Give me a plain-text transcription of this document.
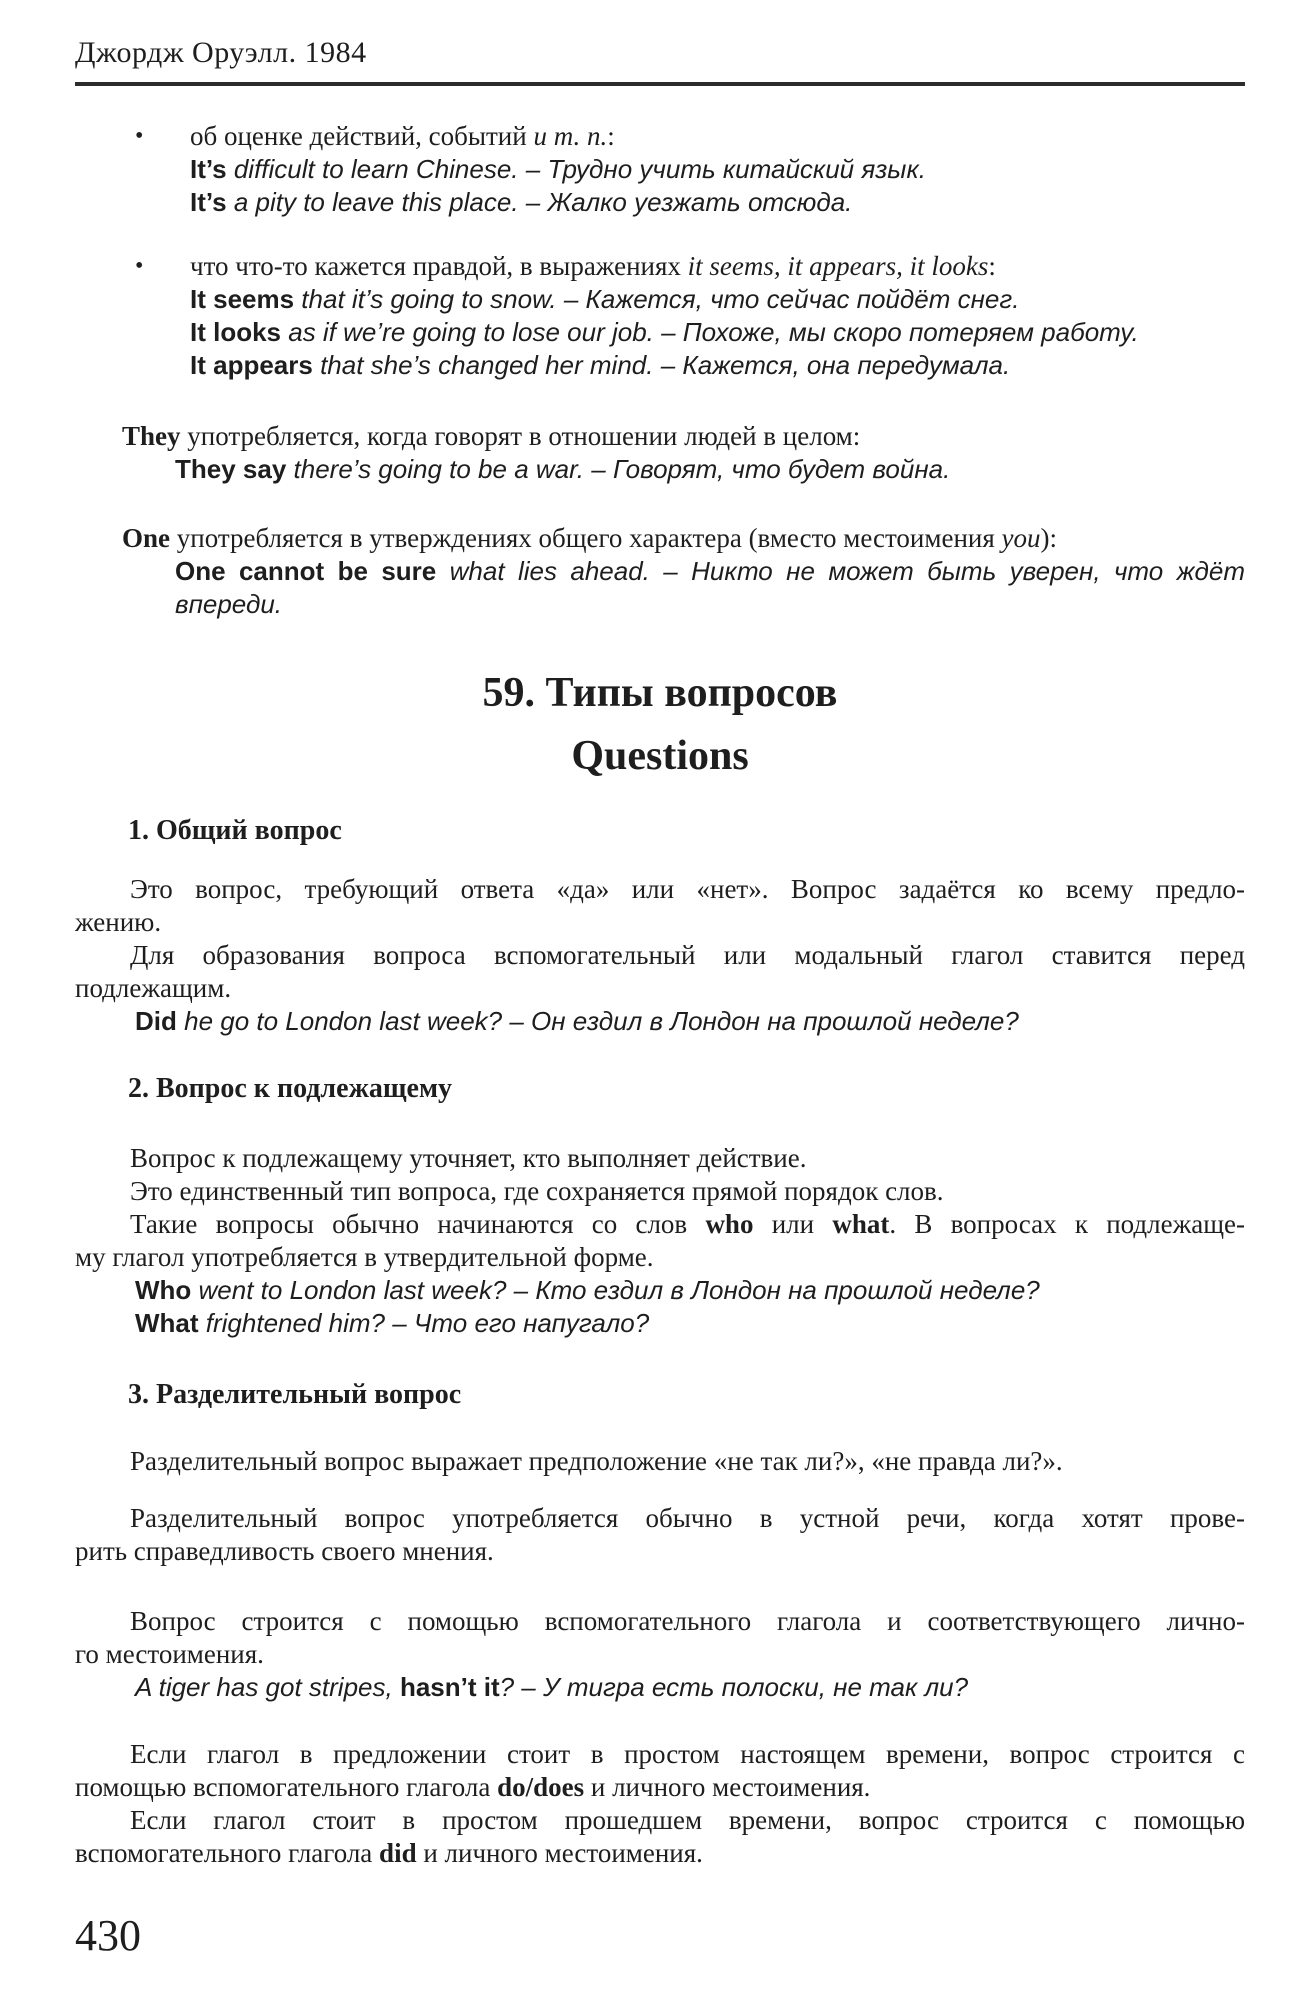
Джордж Оруэлл. 1984
•	об оценке действий, событий и т. п.:
It’s difficult to learn Chinese. – Трудно учить китайский язык.
It’s a pity to leave this place. – Жалко уезжать отсюда.
•	что что-то кажется правдой, в выражениях it seems, it appears, it looks:
It seems that it’s going to snow. – Кажется, что сейчас пойдёт снег.
It looks as if we’re going to lose our job. – Похоже, мы скоро потеряем работу.
It appears that she’s changed her mind. – Кажется, она передумала.
They употребляется, когда говорят в отношении людей в целом:
They say there’s going to be a war. – Говорят, что будет война.
One употребляется в утверждениях общего характера (вместо местоимения you):
One cannot be sure what lies ahead. – Никто не может быть уверен, что ждёт
впереди.
59. Типы вопросов
Questions
1. Общий вопрос
Это вопрос, требующий ответа «да» или «нет». Вопрос задаётся ко всему предло-
жению.
Для образования вопроса вспомогательный или модальный глагол ставится перед
подлежащим.
Did he go to London last week? – Он ездил в Лондон на прошлой неделе?
2. Вопрос к подлежащему
Вопрос к подлежащему уточняет, кто выполняет действие.
Это единственный тип вопроса, где сохраняется прямой порядок слов.
Такие вопросы обычно начинаются со слов who или what. В вопросах к подлежаще-
му глагол употребляется в утвердительной форме.
Who went to London last week? – Кто ездил в Лондон на прошлой неделе?
What frightened him? – Что его напугало?
3. Разделительный вопрос
Разделительный вопрос выражает предположение «не так ли?», «не правда ли?».
Разделительный вопрос употребляется обычно в устной речи, когда хотят прове-
рить справедливость своего мнения.
Вопрос строится с помощью вспомогательного глагола и соответствующего лично-
го местоимения.
A tiger has got stripes, hasn’t it? – У тигра есть полоски, не так ли?
Если глагол в предложении стоит в простом настоящем времени, вопрос строится с
помощью вспомогательного глагола do/does и личного местоимения.
Если глагол стоит в простом прошедшем времени, вопрос строится с помощью
вспомогательного глагола did и личного местоимения.
430
